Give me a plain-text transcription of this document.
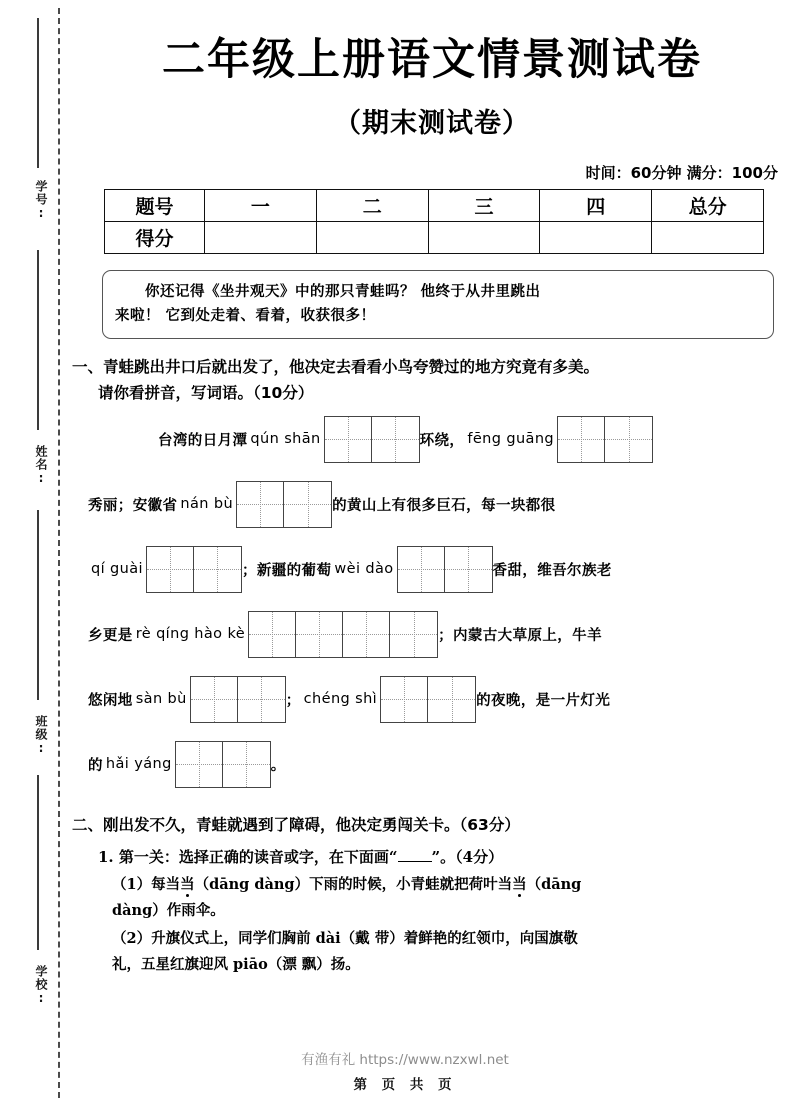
学号:
姓名:
班级:
学校:
二年级上册语文情景测试卷
（期末测试卷）
时间：60分钟 满分：100分
题号	一	二	三	四	总分
得分					
你还记得《坐井观天》中的那只青蛙吗？ 他终于从井里跳出
来啦！ 它到处走着、看着，收获很多！
一、青蛙跳出井口后就出发了，他决定去看看小鸟夸赞过的地方究竟有多美。
请你看拼音，写词语。（10分）
台湾的日月潭 qún shān	环绕， fēng guāng
秀丽；安徽省 nán bù	的黄山上有很多巨石，每一块都很
qí guài	；新疆的葡萄 wèi dào	香甜，维吾尔族老
乡更是 rè qíng hào kè	；内蒙古大草原上，牛羊
悠闲地 sàn bù	； chéng shì	的夜晚，是一片灯光
的 hǎi yáng	。
二、刚出发不久，青蛙就遇到了障碍，他决定勇闯关卡。（63分）
1. 第一关：选择正确的读音或字，在下面画“ ”。（4分）
（1）每当当（dāng dàng）下雨的时候，小青蛙就把荷叶当当（dāng
dàng）作雨伞。
（2）升旗仪式上，同学们胸前 dài（戴 带）着鲜艳的红领巾，向国旗敬
礼，五星红旗迎风 piāo（漂 飘）扬。
有渔有礼 https://www.nzxwl.net
第 页 共 页
